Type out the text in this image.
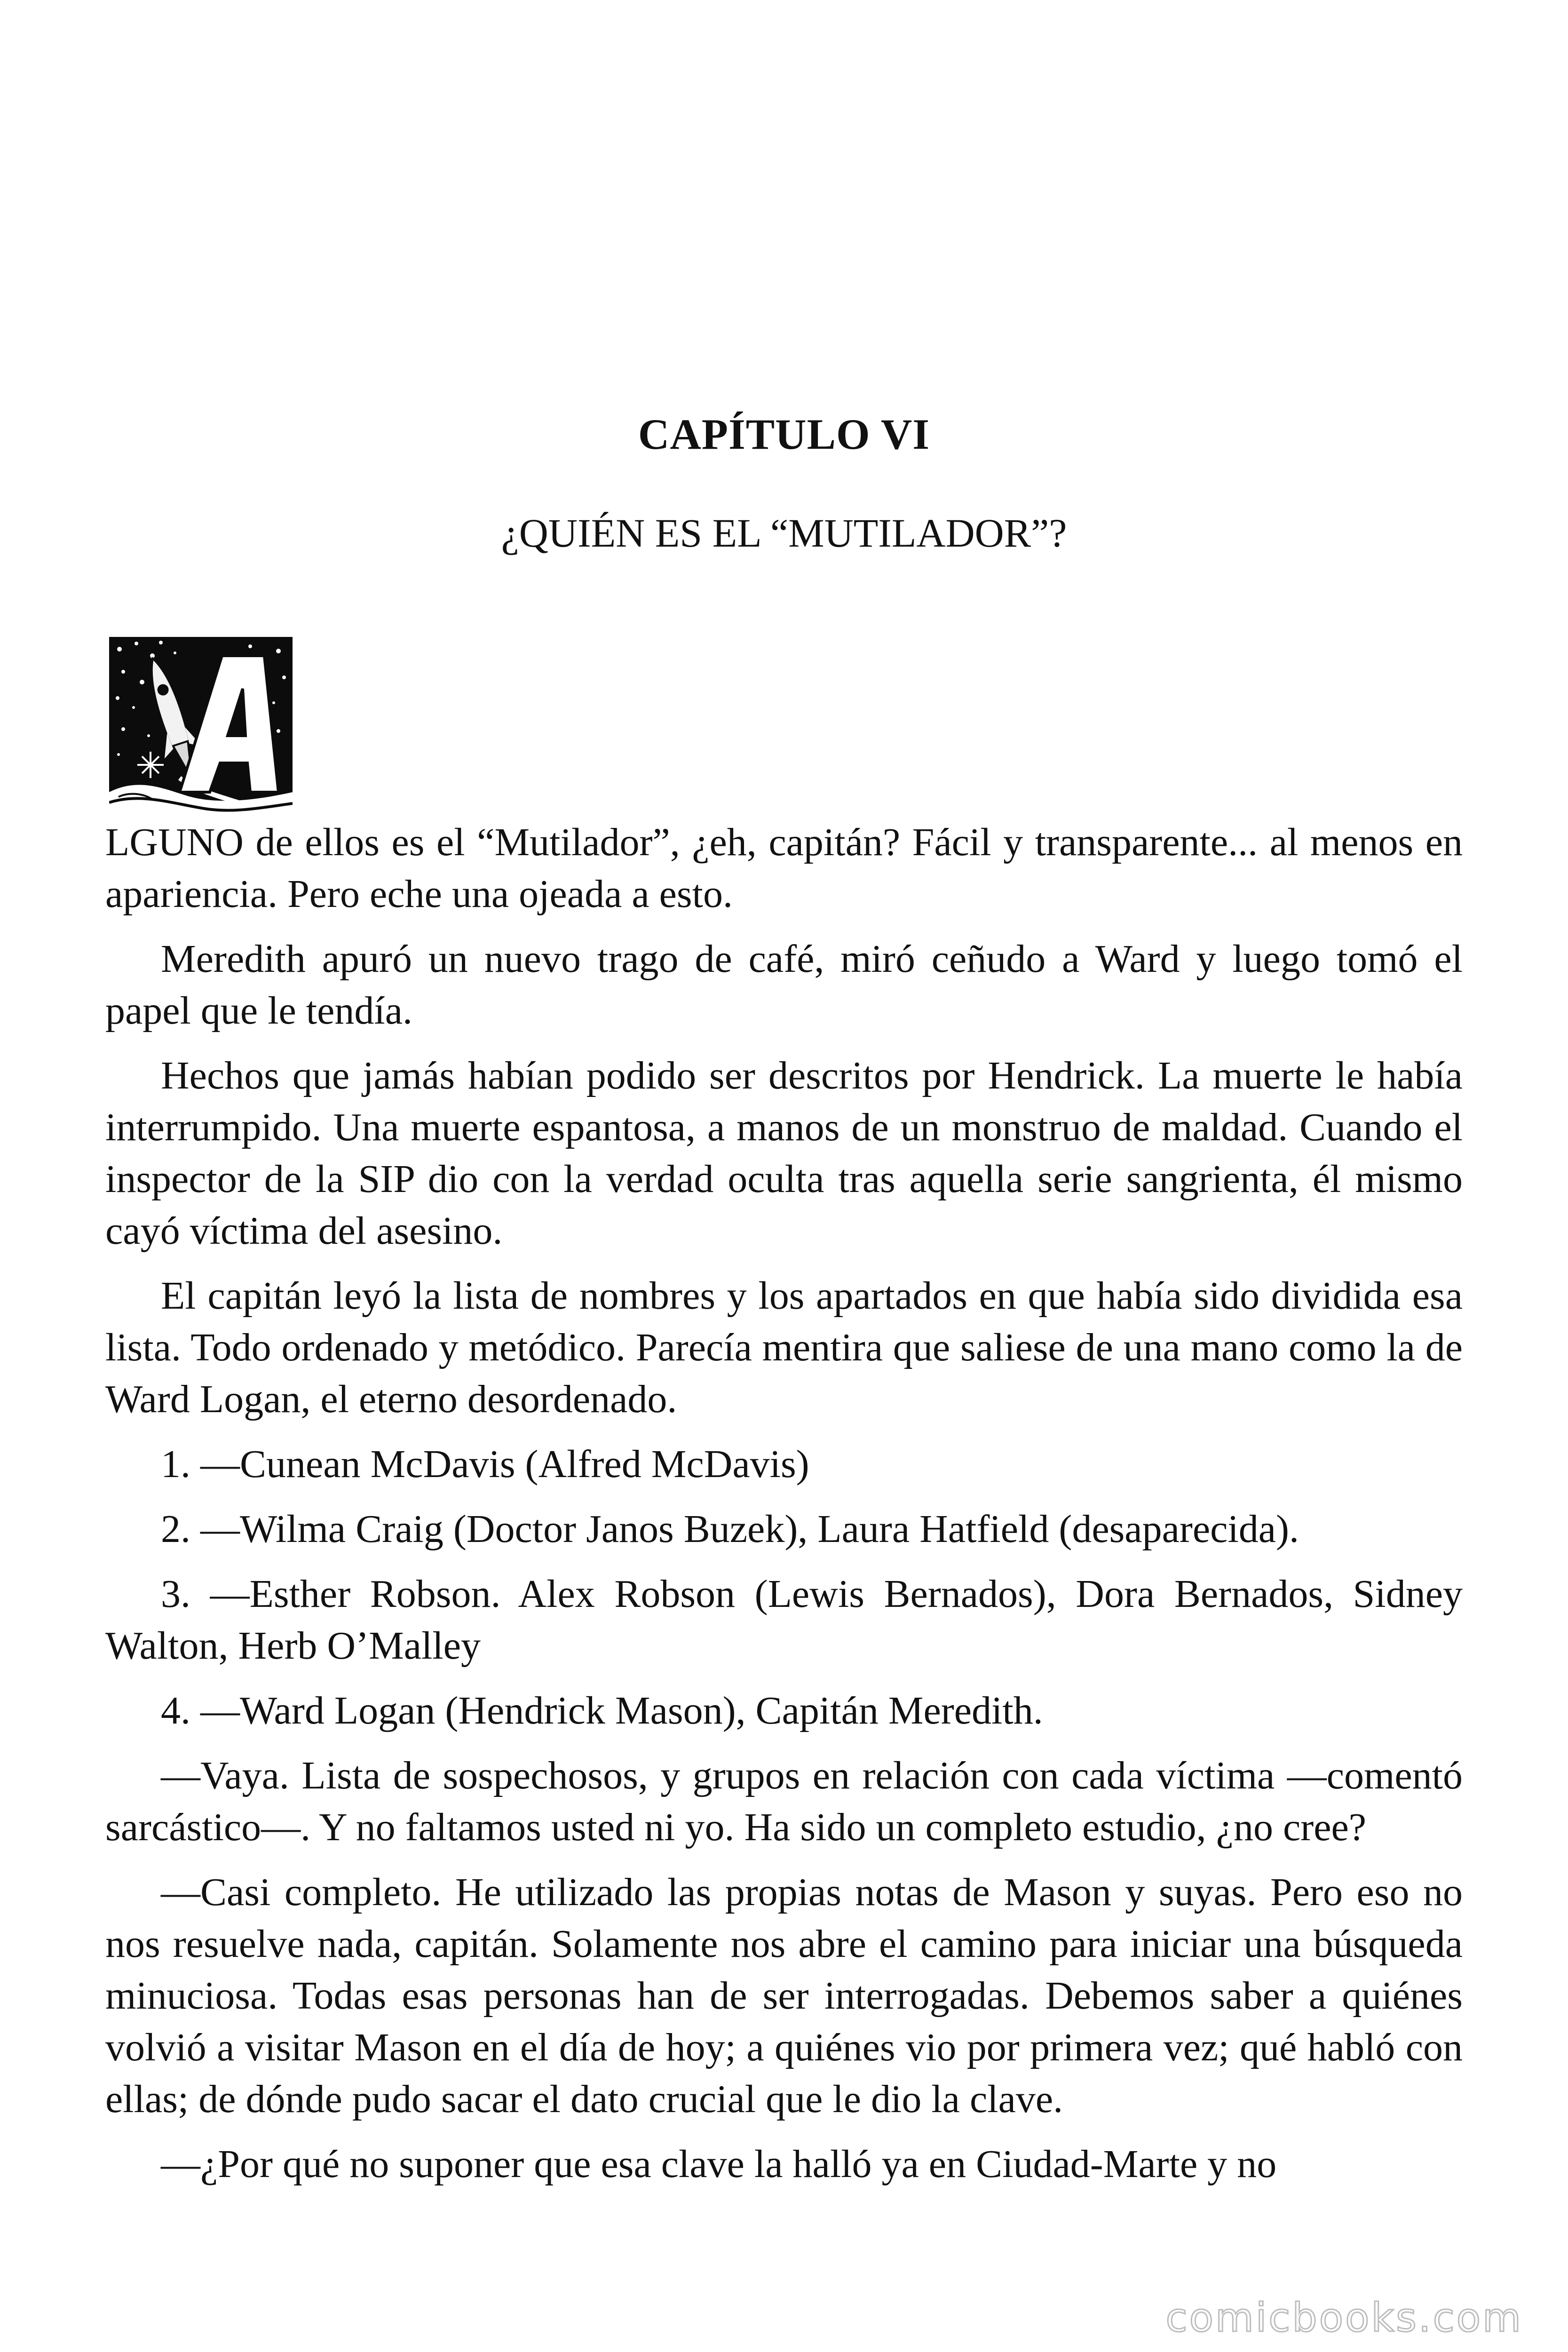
CAPÍTULO VI
¿QUIÉN ES EL “MUTILADOR”?

LGUNO de ellos es el “Mutilador”, ¿eh, capitán? Fácil y transparente... al menos en apariencia. Pero eche una ojeada a esto.

Meredith apuró un nuevo trago de café, miró ceñudo a Ward y luego tomó el papel que le tendía.

Hechos que jamás habían podido ser descritos por Hendrick. La muerte le había interrumpido. Una muerte espantosa, a manos de un monstruo de maldad. Cuando el inspector de la SIP dio con la verdad oculta tras aquella serie sangrienta, él mismo cayó víctima del asesino.

El capitán leyó la lista de nombres y los apartados en que había sido dividida esa lista. Todo ordenado y metódico. Parecía mentira que saliese de una mano como la de Ward Logan, el eterno desordenado.

1. —Cunean McDavis (Alfred McDavis)

2. —Wilma Craig (Doctor Janos Buzek), Laura Hatfield (desaparecida).

3. —Esther Robson. Alex Robson (Lewis Bernados), Dora Bernados, Sidney Walton, Herb O’Malley

4. —Ward Logan (Hendrick Mason), Capitán Meredith.

—Vaya. Lista de sospechosos, y grupos en relación con cada víctima —comentó sarcástico—. Y no faltamos usted ni yo. Ha sido un completo estudio, ¿no cree?

—Casi completo. He utilizado las propias notas de Mason y suyas. Pero eso no nos resuelve nada, capitán. Solamente nos abre el camino para iniciar una búsqueda minuciosa. Todas esas personas han de ser interrogadas. Debemos saber a quiénes volvió a visitar Mason en el día de hoy; a quiénes vio por primera vez; qué habló con ellas; de dónde pudo sacar el dato crucial que le dio la clave.

—¿Por qué no suponer que esa clave la halló ya en Ciudad-Marte y no

comicbooks.com
